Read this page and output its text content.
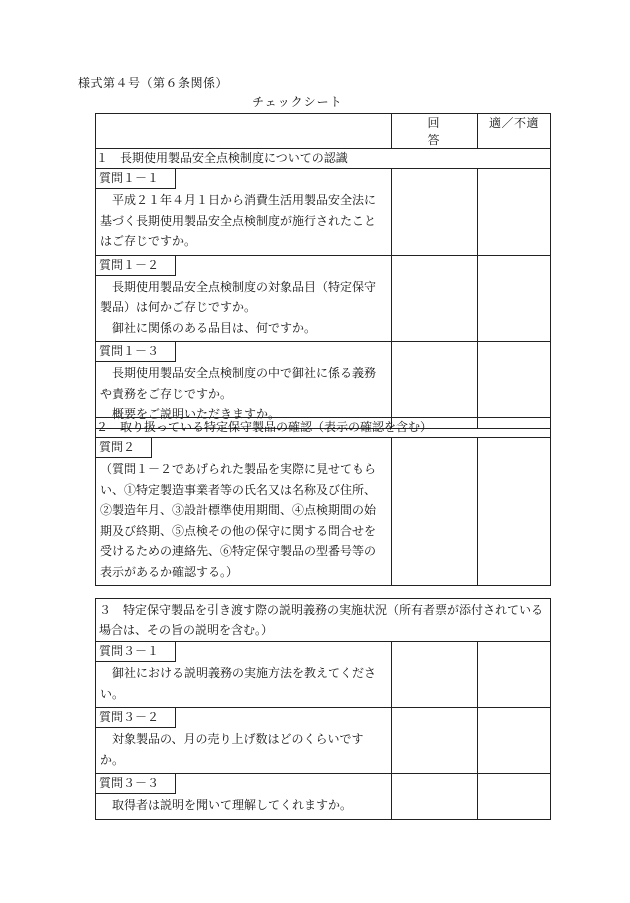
様式第４号（第６条関係）
チェックシート
	回　答	適／不適
１　長期使用製品安全点検制度についての認識		
質問１－１

平成２１年４月１日から消費生活用製品安全法に基づく長期使用製品安全点検制度が施行されたことはご存じですか。		

質問１－２

長期使用製品安全点検制度の対象品目（特定保守製品）は何かご存じですか。

御社に関係のある品目は、何ですか。		

質問１－３

長期使用製品安全点検制度の中で御社に係る義務や責務をご存じですか。

概要をご説明いただきますか。		

２　取り扱っている特定保守製品の確認（表示の確認を含む）
質問２

（質問１－２であげられた製品を実際に見せてもらい、①特定製造事業者等の氏名又は名称及び住所、②製造年月、③設計標準使用期間、④点検期間の始期及び終期、⑤点検その他の保守に関する問合せを受けるための連絡先、⑥特定保守製品の型番号等の表示があるか確認する。）

３　特定保守製品を引き渡す際の説明義務の実施状況（所有者票が添付されている場合は、その旨の説明を含む。）		
質問３－１

御社における説明義務の実施方法を教えてください。		

質問３－２

対象製品の、月の売り上げ数はどのくらいですか。		

質問３－３

取得者は説明を聞いて理解してくれますか。		
